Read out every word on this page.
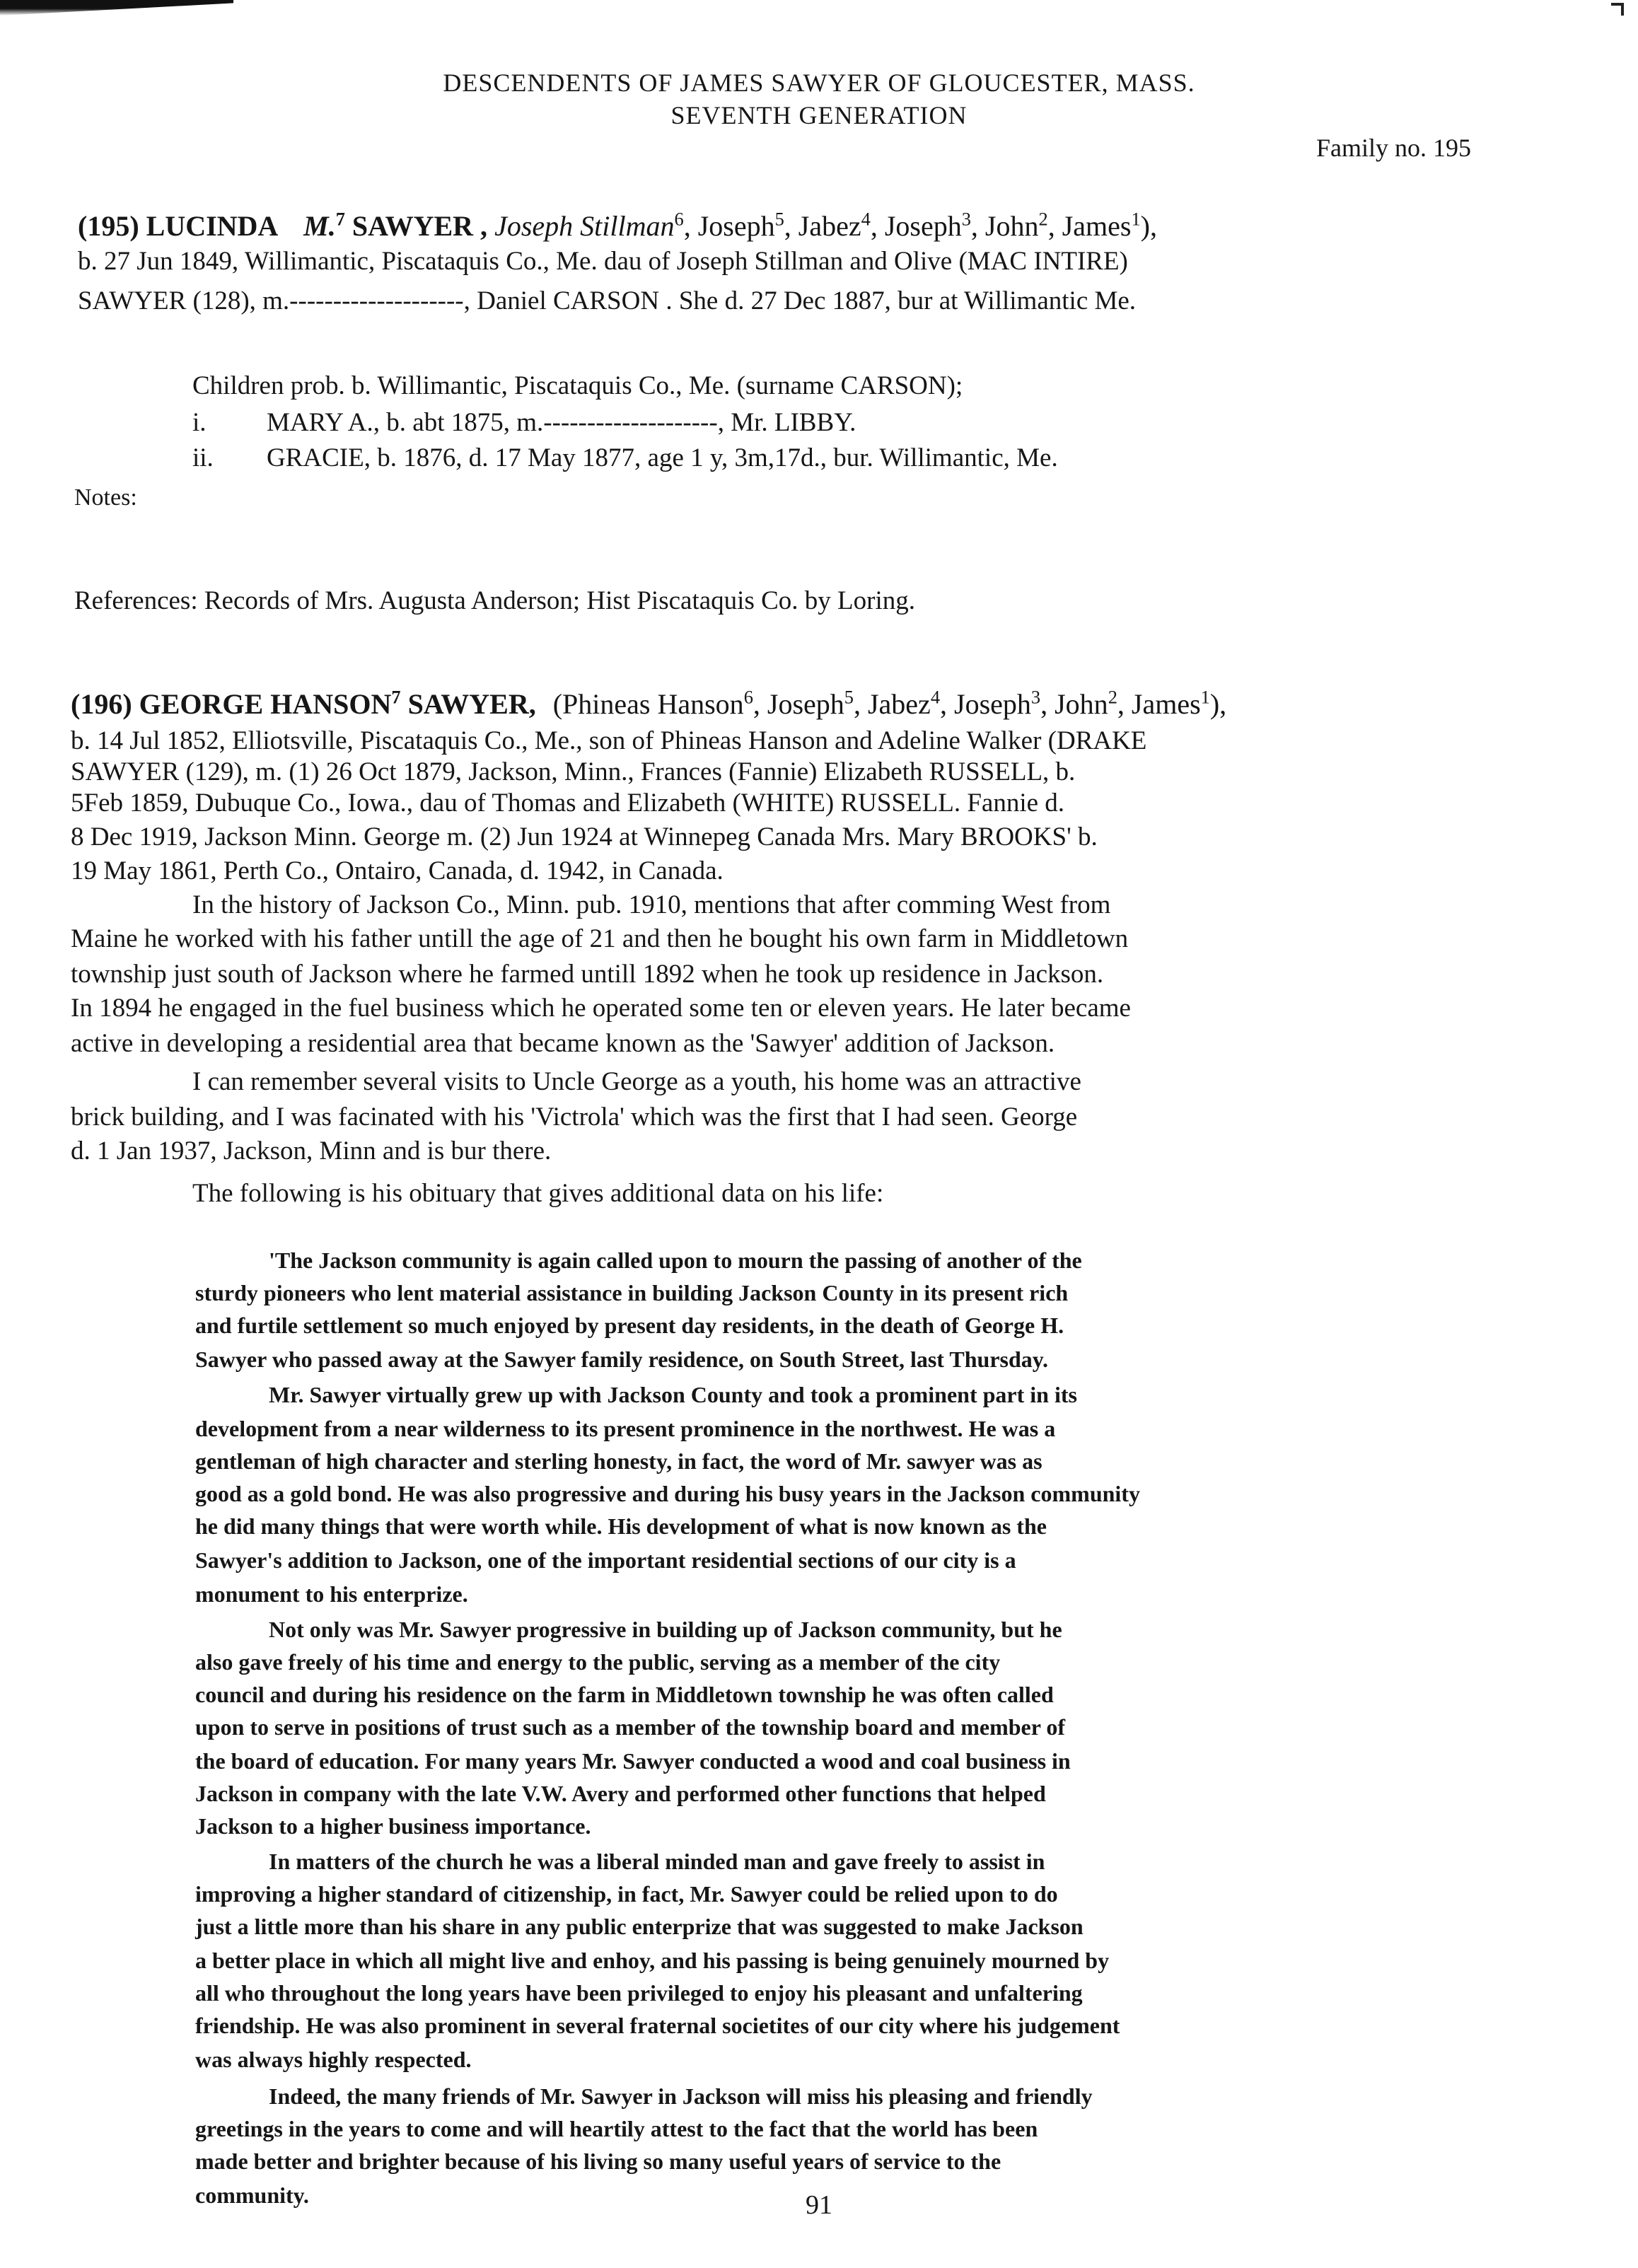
DESCENDENTS OF JAMES SAWYER OF GLOUCESTER, MASS.
SEVENTH GENERATION
Family no. 195
(195) LUCINDA M.$^7$ SAWYER , Joseph Stillman$^6$, Joseph$^5$, Jabez$^4$, Joseph$^3$, John$^2$, James$^1$),
b. 27 Jun 1849, Willimantic, Piscataquis Co., Me. dau of Joseph Stillman and Olive (MAC INTIRE)
SAWYER (128), m.--------------------, Daniel CARSON . She d. 27 Dec 1887, bur at Willimantic Me.
Children prob. b. Willimantic, Piscataquis Co., Me. (surname CARSON);
i. MARY A., b. abt 1875, m.--------------------, Mr. LIBBY.
ii. GRACIE, b. 1876, d. 17 May 1877, age 1 y, 3m,17d., bur. Willimantic, Me.
Notes:
References: Records of Mrs. Augusta Anderson; Hist Piscataquis Co. by Loring.
(196) GEORGE HANSON$^7$ SAWYER, (Phineas Hanson$^6$, Joseph$^5$, Jabez$^4$, Joseph$^3$, John$^2$, James$^1$),
b. 14 Jul 1852, Elliotsville, Piscataquis Co., Me., son of Phineas Hanson and Adeline Walker (DRAKE
SAWYER (129), m. (1) 26 Oct 1879, Jackson, Minn., Frances (Fannie) Elizabeth RUSSELL, b.
5Feb 1859, Dubuque Co., Iowa., dau of Thomas and Elizabeth (WHITE) RUSSELL. Fannie d.
8 Dec 1919, Jackson Minn. George m. (2) Jun 1924 at Winnepeg Canada Mrs. Mary BROOKS' b.
19 May 1861, Perth Co., Ontairo, Canada, d. 1942, in Canada.
In the history of Jackson Co., Minn. pub. 1910, mentions that after comming West from
Maine he worked with his father untill the age of 21 and then he bought his own farm in Middletown
township just south of Jackson where he farmed untill 1892 when he took up residence in Jackson.
In 1894 he engaged in the fuel business which he operated some ten or eleven years. He later became
active in developing a residential area that became known as the 'Sawyer' addition of Jackson.
I can remember several visits to Uncle George as a youth, his home was an attractive
brick building, and I was facinated with his 'Victrola' which was the first that I had seen. George
d. 1 Jan 1937, Jackson, Minn and is bur there.
The following is his obituary that gives additional data on his life:
'The Jackson community is again called upon to mourn the passing of another of the
sturdy pioneers who lent material assistance in building Jackson County in its present rich
and furtile settlement so much enjoyed by present day residents, in the death of George H.
Sawyer who passed away at the Sawyer family residence, on South Street, last Thursday.
Mr. Sawyer virtually grew up with Jackson County and took a prominent part in its
development from a near wilderness to its present prominence in the northwest. He was a
gentleman of high character and sterling honesty, in fact, the word of Mr. sawyer was as
good as a gold bond. He was also progressive and during his busy years in the Jackson community
he did many things that were worth while. His development of what is now known as the
Sawyer's addition to Jackson, one of the important residential sections of our city is a
monument to his enterprize.
Not only was Mr. Sawyer progressive in building up of Jackson community, but he
also gave freely of his time and energy to the public, serving as a member of the city
council and during his residence on the farm in Middletown township he was often called
upon to serve in positions of trust such as a member of the township board and member of
the board of education. For many years Mr. Sawyer conducted a wood and coal business in
Jackson in company with the late V.W. Avery and performed other functions that helped
Jackson to a higher business importance.
In matters of the church he was a liberal minded man and gave freely to assist in
improving a higher standard of citizenship, in fact, Mr. Sawyer could be relied upon to do
just a little more than his share in any public enterprize that was suggested to make Jackson
a better place in which all might live and enhoy, and his passing is being genuinely mourned by
all who throughout the long years have been privileged to enjoy his pleasant and unfaltering
friendship. He was also prominent in several fraternal societites of our city where his judgement
was always highly respected.
Indeed, the many friends of Mr. Sawyer in Jackson will miss his pleasing and friendly
greetings in the years to come and will heartily attest to the fact that the world has been
made better and brighter because of his living so many useful years of service to the
community.	91
